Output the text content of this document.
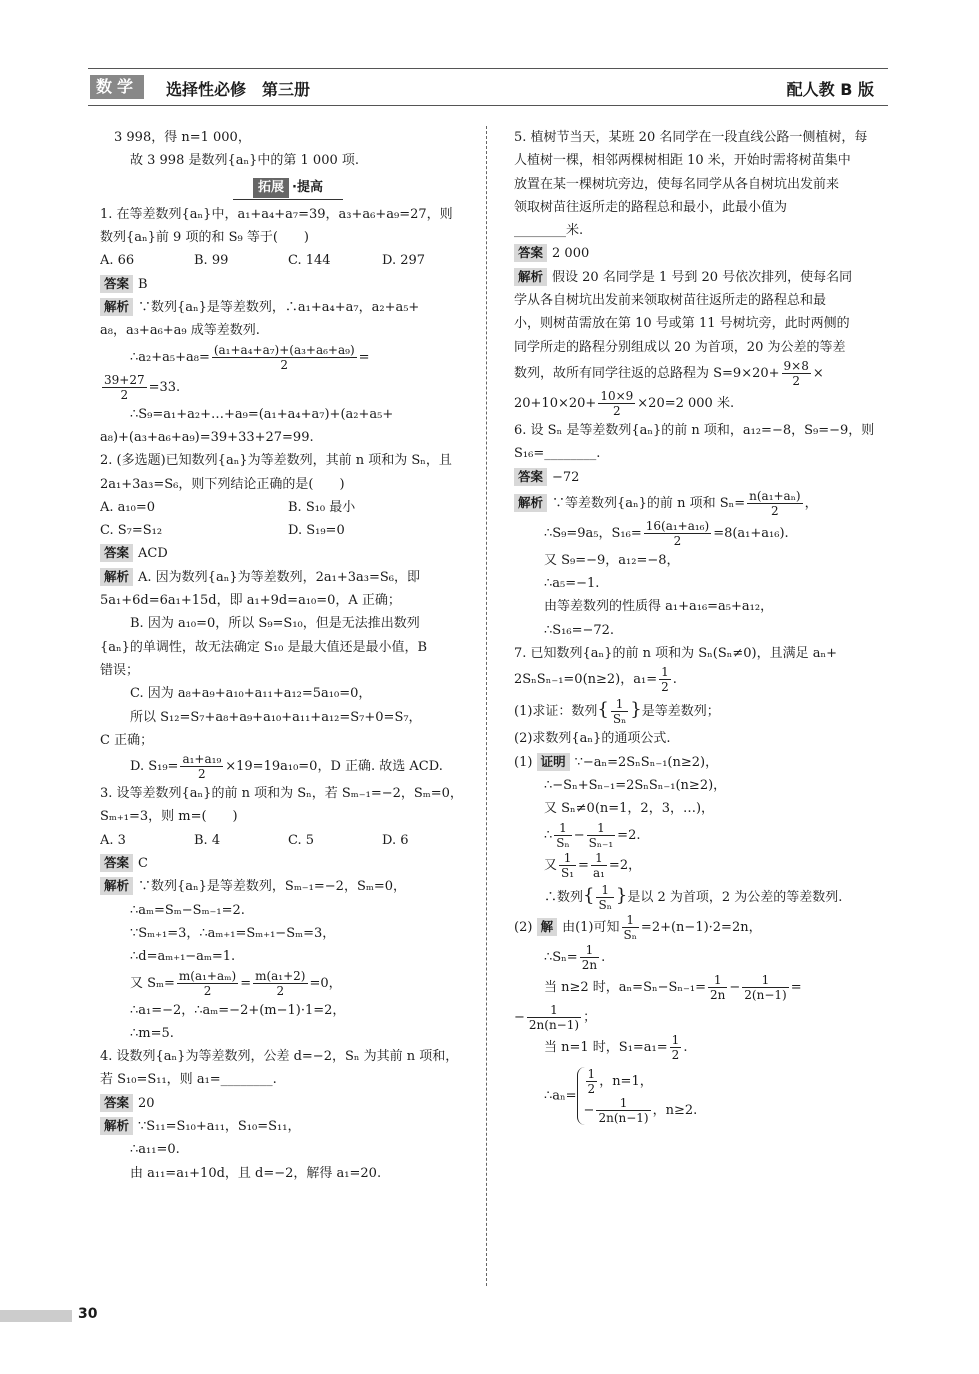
数学	选择性必修　第三册	配人教 B 版
3 998，得 n=1 000，
故 3 998 是数列{aₙ}中的第 1 000 项.
拓展 ·提高
1. 在等差数列{aₙ}中，a₁+a₄+a₇=39，a₃+a₆+a₉=27，则
数列{aₙ}前 9 项的和 S₉ 等于(　　)
A. 66	B. 99	C. 144	D. 297
答案 B
解析 ∵数列{aₙ}是等差数列，∴a₁+a₄+a₇，a₂+a₅+
a₈，a₃+a₆+a₉ 成等差数列.
∴a₂+a₅+a₈= $\frac{\text{(a₁+a₄+a₇)+(a₃+a₆+a₉)}}{2}$ =
$\frac{39+27}{2} =33$.
∴S₉=a₁+a₂+…+a₉=(a₁+a₄+a₇)+(a₂+a₅+
a₈)+(a₃+a₆+a₉)=39+33+27=99.
2. (多选题)已知数列{aₙ}为等差数列，其前 n 项和为 Sₙ，且
2a₁+3a₃=S₆，则下列结论正确的是(　　)
A. a₁₀=0	B. S₁₀ 最小
C. S₇=S₁₂	D. S₁₉=0
答案 ACD
解析 A. 因为数列{aₙ}为等差数列，2a₁+3a₃=S₆，即
5a₁+6d=6a₁+15d，即 a₁+9d=a₁₀=0，A 正确；
B. 因为 a₁₀=0，所以 S₉=S₁₀，但是无法推出数列
{aₙ}的单调性，故无法确定 S₁₀ 是最大值还是最小值，B
错误；
C. 因为 a₈+a₉+a₁₀+a₁₁+a₁₂=5a₁₀=0，
所以 S₁₂=S₇+a₈+a₉+a₁₀+a₁₁+a₁₂=S₇+0=S₇，
C 正确；
D. $S_{19}= \frac{\text{a₁+a₁₉}}{2} \times 19=19a_{10}=0$，D 正确. 故选 ACD.
3. 设等差数列{aₙ}的前 n 项和为 Sₙ，若 Sₘ₋₁=−2，Sₘ=0，
Sₘ₊₁=3，则 m=(　　)
A. 3	B. 4	C. 5	D. 6
答案 C
解析 ∵数列{aₙ}是等差数列，Sₘ₋₁=−2，Sₘ=0，
∴aₘ=Sₘ−Sₘ₋₁=2.
∵Sₘ₊₁=3，∴aₘ₊₁=Sₘ₊₁−Sₘ=3，
∴d=aₘ₊₁−aₘ=1.
又 $S_m= \frac{\text{m(a₁+aₘ)}}{2} = \frac{\text{m(a₁+2)}}{2} =0$，
∴a₁=−2，∴aₘ=−2+(m−1)·1=2，
∴m=5.
4. 设数列{aₙ}为等差数列，公差 d=−2，Sₙ 为其前 n 项和，
若 S₁₀=S₁₁，则 a₁=________.
答案 20
解析 ∵S₁₁=S₁₀+a₁₁，S₁₀=S₁₁，
∴a₁₁=0.
由 a₁₁=a₁+10d，且 d=−2，解得 a₁=20.
5. 植树节当天，某班 20 名同学在一段直线公路一侧植树，每
人植树一棵，相邻两棵树相距 10 米，开始时需将树苗集中
放置在某一棵树坑旁边，使每名同学从各自树坑出发前来
领取树苗往返所走的路程总和最小，此最小值为
________米.
答案 2 000
解析 假设 20 名同学是 1 号到 20 号依次排列，使每名同
学从各自树坑出发前来领取树苗往返所走的路程总和最
小，则树苗需放在第 10 号或第 11 号树坑旁，此时两侧的
同学所走的路程分别组成以 20 为首项，20 为公差的等差
数列，故所有同学往返的总路程为 $S=9\times 20+ \frac{9\times 8}{2}$ ×
$20+10\times 20+ \frac{10\times 9}{2} \times 20=2$ 000 米.
6. 设 Sₙ 是等差数列{aₙ}的前 n 项和，a₁₂=−8，S₉=−9，则
S₁₆=________.
答案 −72
解析 ∵等差数列{aₙ}的前 n 项和 $S_n= \frac{\text{n(a₁+aₙ)}}{2}$ ，
∴S₉=9a₅，$S_{16}= \frac{\text{16(a₁+a₁₆)}}{2} =8(a_1+a_{16})$.
又 S₉=−9，a₁₂=−8，
∴a₅=−1.
由等差数列的性质得 a₁+a₁₆=a₅+a₁₂，
∴S₁₆=−72.
7. 已知数列{aₙ}的前 n 项和为 Sₙ(Sₙ≠0)，且满足 aₙ+
2SₙSₙ₋₁=0(n≥2)，$a_1= \frac{1}{2}$ .
(1)求证：数列{ $\frac{1}{\text{Sₙ}}$ }是等差数列；
(2)求数列{aₙ}的通项公式.
(1) 证明 ∵−aₙ=2SₙSₙ₋₁(n≥2)，
∴−Sₙ+Sₙ₋₁=2SₙSₙ₋₁(n≥2)，
又 Sₙ≠0(n=1，2，3，…)，
∴ $\frac{1}{\text{Sₙ}} - \frac{1}{\text{Sₙ₋₁}} =2$.
又 $\frac{1}{\text{S₁}} = \frac{1}{\text{a₁}} =2$，
∴数列{ $\frac{1}{\text{Sₙ}}$ }是以 2 为首项，2 为公差的等差数列.
(2) 解 由(1)可知 $\frac{1}{\text{Sₙ}} =2+(n-1)\cdot 2=2n$，
∴Sₙ= $\frac{1}{2n}$ .
当 n≥2 时，$a_n=S_n-S_{n-1}= \frac{1}{2n} - \frac{1}{2(n-1)}$ =
− $\frac{1}{2n(n-1)}$ ；
当 n=1 时，$S_1=a_1= \frac{1}{2}$ .
∴aₙ= $\frac{1}{2}$ ，n=1，
− $\frac{1}{2n(n-1)}$ ，n≥2.
30
